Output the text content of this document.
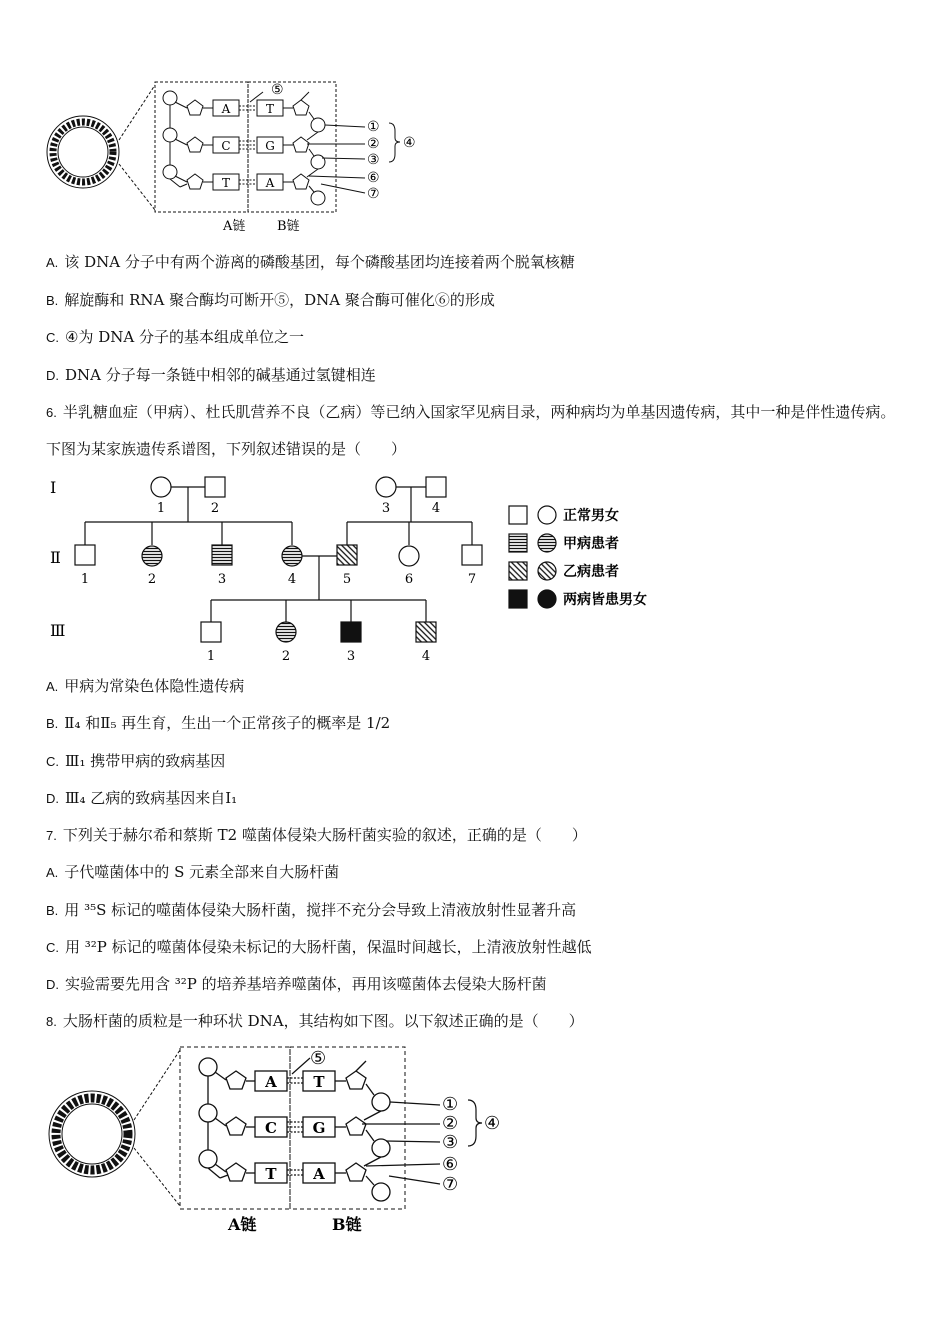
A
C
T
T
G
A
⑤
①
②
③
⑥
⑦
④
A链 B链
A. 该 DNA 分子中有两个游离的磷酸基团，每个磷酸基团均连接着两个脱氧核糖
B. 解旋酶和 RNA 聚合酶均可断开⑤，DNA 聚合酶可催化⑥的形成
C. ④为 DNA 分子的基本组成单位之一
D. DNA 分子每一条链中相邻的碱基通过氢键相连
6. 半乳糖血症（甲病）、杜氏肌营养不良（乙病）等已纳入国家罕见病目录，两种病均为单基因遗传病，其中一种是伴性遗传病。下图为某家族遗传系谱图，下列叙述错误的是（　　）
Ⅰ
Ⅱ
Ⅲ
1	2	3	4
1	2	3	4	5	6	7
1	2	3	4
正常男女
甲病患者
乙病患者
两病皆患男女
A. 甲病为常染色体隐性遗传病
B. Ⅱ₄ 和Ⅱ₅ 再生育，生出一个正常孩子的概率是 1/2
C. Ⅲ₁ 携带甲病的致病基因
D. Ⅲ₄ 乙病的致病基因来自Ⅰ₁
7. 下列关于赫尔希和蔡斯 T2 噬菌体侵染大肠杆菌实验的叙述，正确的是（　　）
A. 子代噬菌体中的 S 元素全部来自大肠杆菌
B. 用 ³⁵S 标记的噬菌体侵染大肠杆菌，搅拌不充分会导致上清液放射性显著升高
C. 用 ³²P 标记的噬菌体侵染未标记的大肠杆菌，保温时间越长，上清液放射性越低
D. 实验需要先用含 ³²P 的培养基培养噬菌体，再用该噬菌体去侵染大肠杆菌
8. 大肠杆菌的质粒是一种环状 DNA，其结构如下图。以下叙述正确的是（　　）
A
C
T
T
G
A
⑤
①
②
③
⑥
⑦
④
A链	B链
